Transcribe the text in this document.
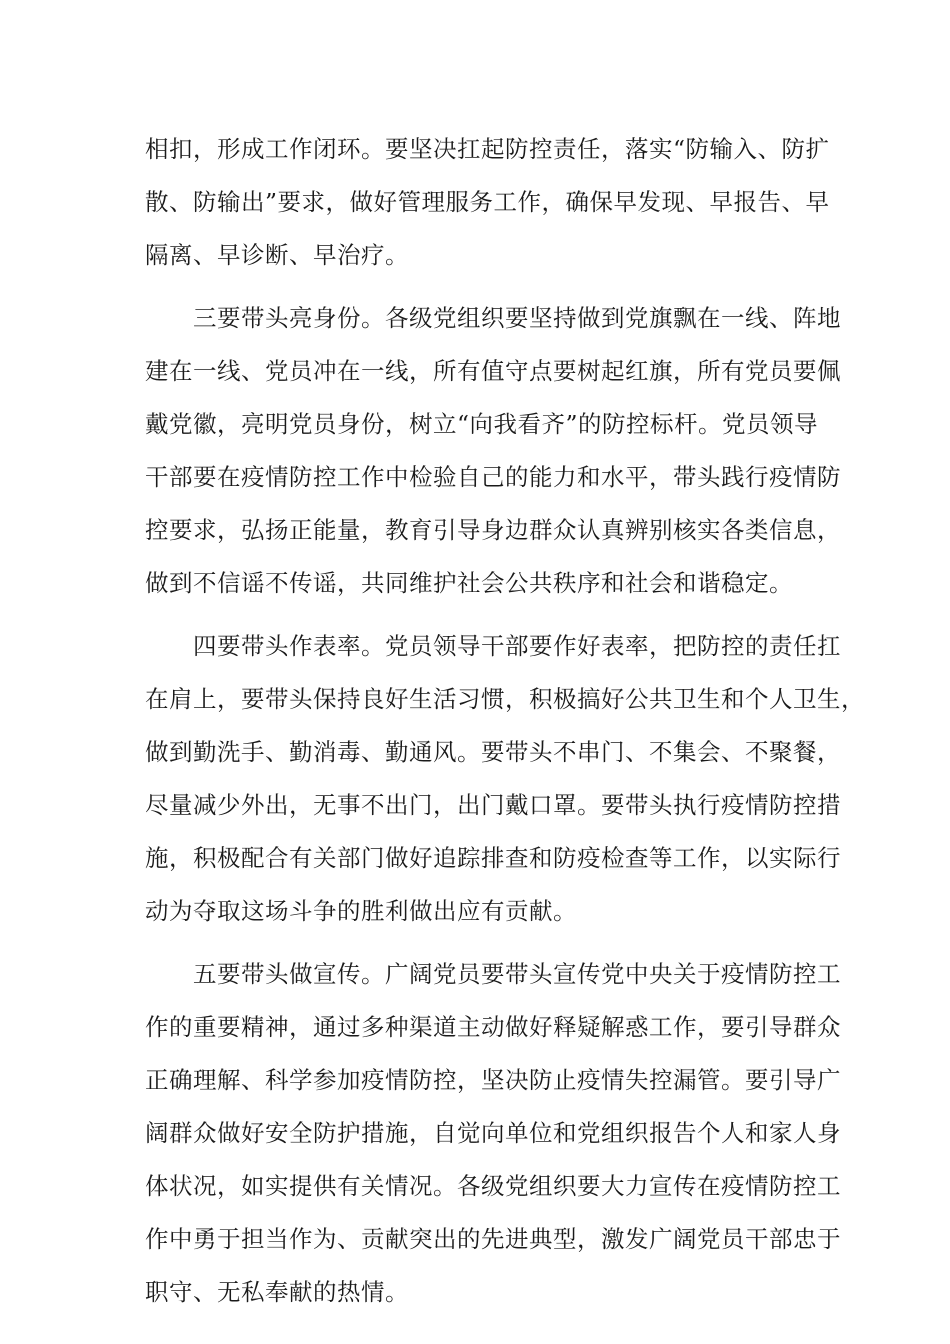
相扣，形成工作闭环。要坚决扛起防控责任，落实“防输入、防扩
散、防输出”要求，做好管理服务工作，确保早发现、早报告、早
隔离、早诊断、早治疗。
　　三要带头亮身份。各级党组织要坚持做到党旗飘在一线、阵地
建在一线、党员冲在一线，所有值守点要树起红旗，所有党员要佩
戴党徽，亮明党员身份，树立“向我看齐”的防控标杆。党员领导
干部要在疫情防控工作中检验自己的能力和水平，带头践行疫情防
控要求，弘扬正能量，教育引导身边群众认真辨别核实各类信息，
做到不信谣不传谣，共同维护社会公共秩序和社会和谐稳定。
　　四要带头作表率。党员领导干部要作好表率，把防控的责任扛
在肩上，要带头保持良好生活习惯，积极搞好公共卫生和个人卫生，
做到勤洗手、勤消毒、勤通风。要带头不串门、不集会、不聚餐，
尽量减少外出，无事不出门，出门戴口罩。要带头执行疫情防控措
施，积极配合有关部门做好追踪排查和防疫检查等工作，以实际行
动为夺取这场斗争的胜利做出应有贡献。
　　五要带头做宣传。广阔党员要带头宣传党中央关于疫情防控工
作的重要精神，通过多种渠道主动做好释疑解惑工作，要引导群众
正确理解、科学参加疫情防控，坚决防止疫情失控漏管。要引导广
阔群众做好安全防护措施，自觉向单位和党组织报告个人和家人身
体状况，如实提供有关情况。各级党组织要大力宣传在疫情防控工
作中勇于担当作为、贡献突出的先进典型，激发广阔党员干部忠于
职守、无私奉献的热情。
